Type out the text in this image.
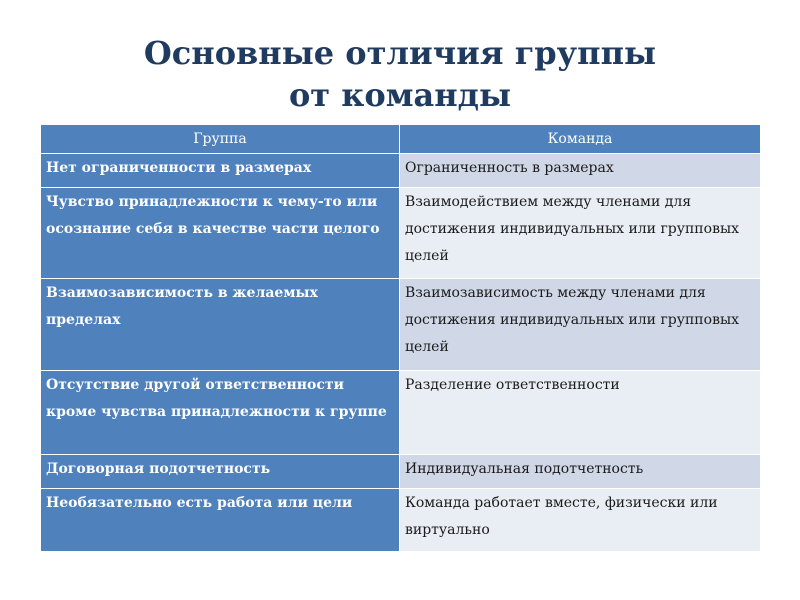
Основные отличия группы
от команды
Группа	Команда
Нет ограниченности в размерах	Ограниченность в размерах
Чувство принадлежности к чему-то или осознание себя в качестве части целого	Взаимодействием между членами для достижения индивидуальных или групповых целей
Взаимозависимость в желаемых пределах	Взаимозависимость между членами для достижения индивидуальных или групповых целей
Отсутствие другой ответственности кроме чувства принадлежности к группе	Разделение ответственности
Договорная подотчетность	Индивидуальная подотчетность
Необязательно есть работа или цели	Команда работает вместе, физически или виртуально
